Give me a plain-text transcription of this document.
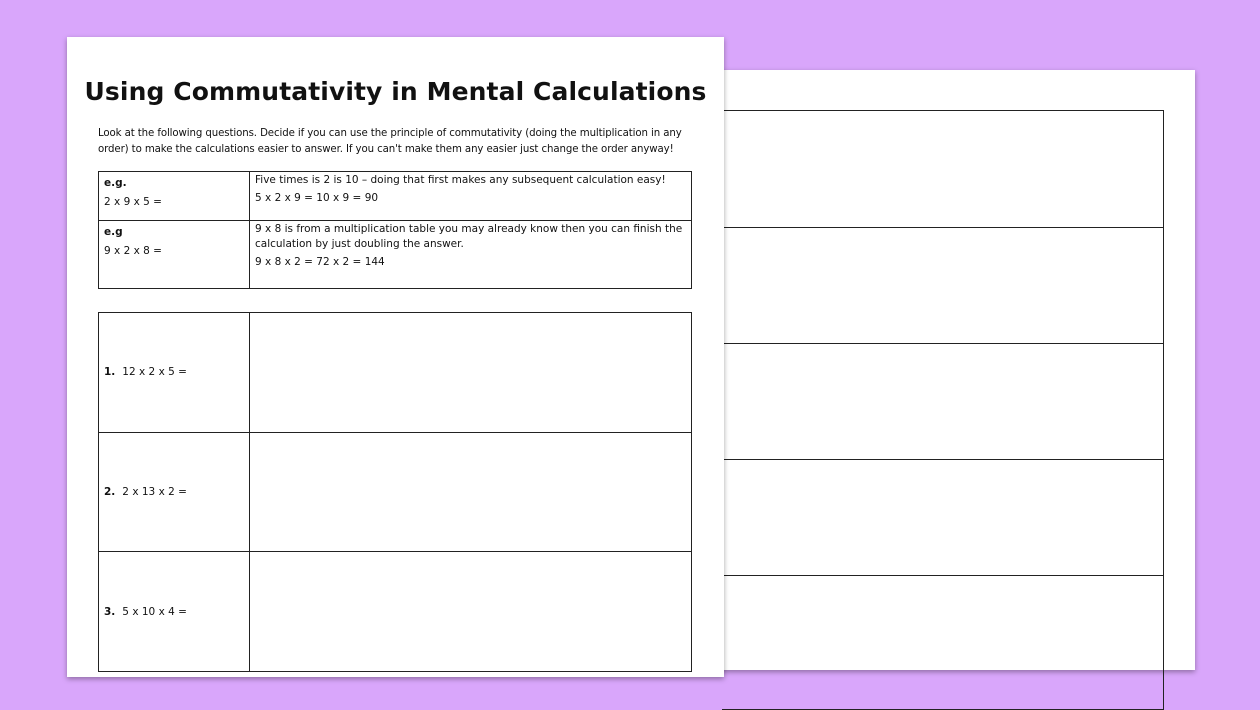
Using Commutativity in Mental Calculations
Look at the following questions. Decide if you can use the principle of commutativity (doing the multiplication in any
order) to make the calculations easier to answer. If you can't make them any easier just change the order anyway!
e.g.
2 x 9 x 5 =	Five times is 2 is 10 – doing that first makes any subsequent calculation easy!
5 x 2 x 9 = 10 x 9 = 90

e.g
9 x 2 x 8 =	9 x 8 is from a multiplication table you may already know then you can finish the
calculation by just doubling the answer.
9 x 8 x 2 = 72 x 2 = 144
1. 12 x 2 x 5 =	
2. 2 x 13 x 2 =	
3. 5 x 10 x 4 =	
